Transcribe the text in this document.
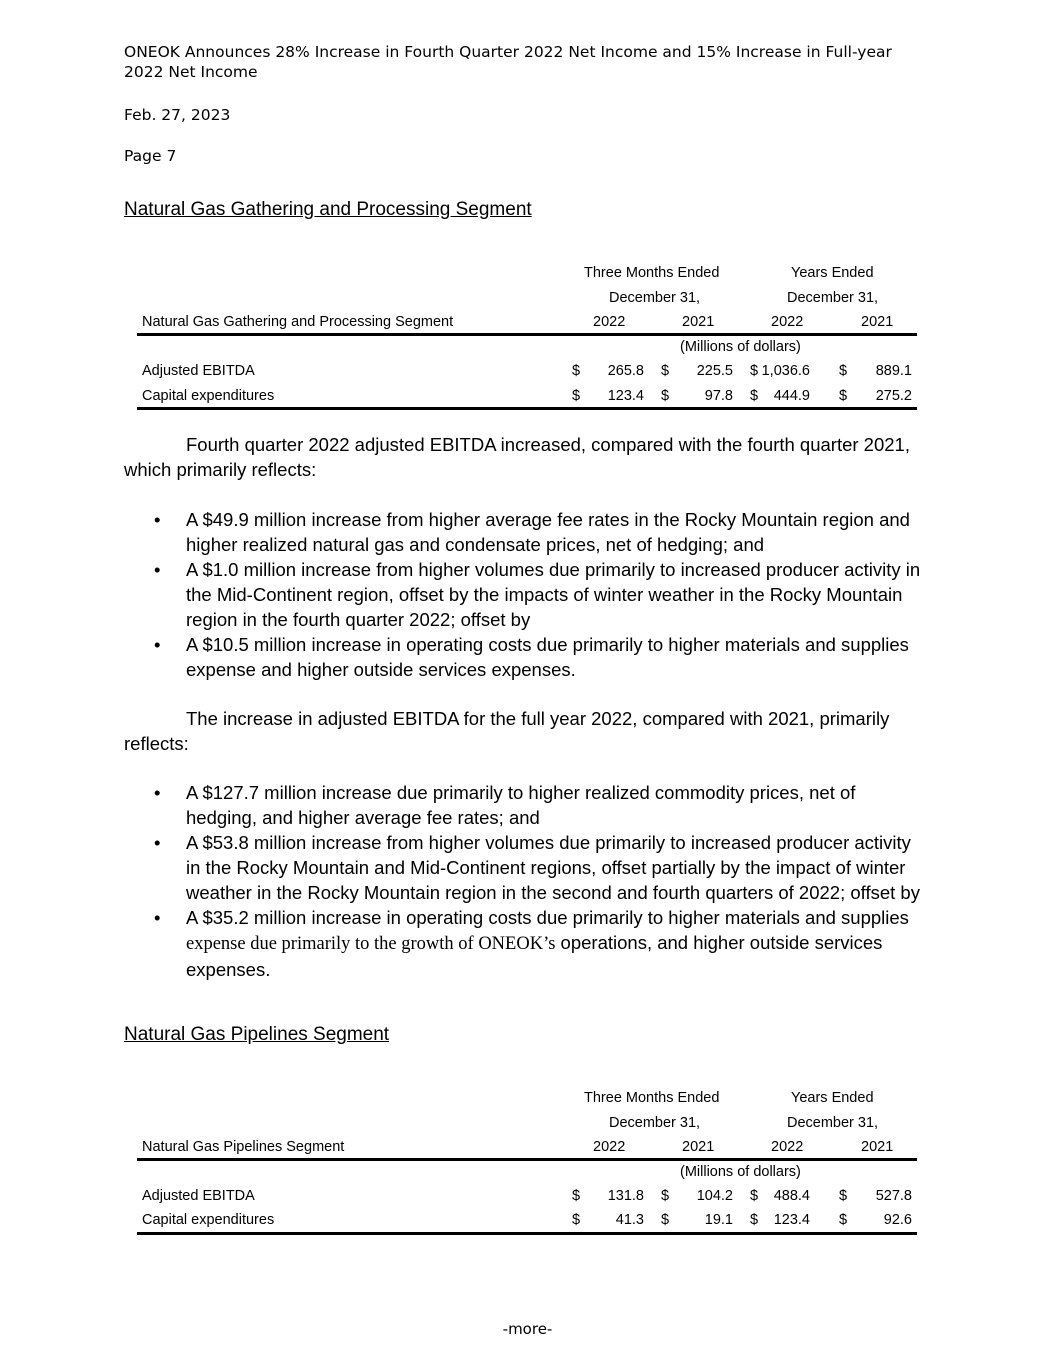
ONEOK Announces 28% Increase in Fourth Quarter 2022 Net Income and 15% Increase in Full-year 2022 Net Income
Feb. 27, 2023
Page 7
Natural Gas Gathering and Processing Segment
Three Months Ended	Years Ended
December 31,	December 31,
Natural Gas Gathering and Processing Segment	2022	2021	2022	2021
(Millions of dollars)
Adjusted EBITDA	$ 265.8 $ 225.5 $ 1,036.6 $ 889.1
Capital expenditures	$ 123.4 $ 97.8 $ 444.9 $ 275.2
Fourth quarter 2022 adjusted EBITDA increased, compared with the fourth quarter 2021, which primarily reflects:
• A $49.9 million increase from higher average fee rates in the Rocky Mountain region and higher realized natural gas and condensate prices, net of hedging; and
• A $1.0 million increase from higher volumes due primarily to increased producer activity in the Mid-Continent region, offset by the impacts of winter weather in the Rocky Mountain region in the fourth quarter 2022; offset by
• A $10.5 million increase in operating costs due primarily to higher materials and supplies expense and higher outside services expenses.
The increase in adjusted EBITDA for the full year 2022, compared with 2021, primarily reflects:
• A $127.7 million increase due primarily to higher realized commodity prices, net of hedging, and higher average fee rates; and
• A $53.8 million increase from higher volumes due primarily to increased producer activity in the Rocky Mountain and Mid-Continent regions, offset partially by the impact of winter weather in the Rocky Mountain region in the second and fourth quarters of 2022; offset by
• A $35.2 million increase in operating costs due primarily to higher materials and supplies expense due primarily to the growth of ONEOK’s operations, and higher outside services expenses.
Natural Gas Pipelines Segment
Three Months Ended	Years Ended
December 31,	December 31,
Natural Gas Pipelines Segment	2022	2021	2022	2021
(Millions of dollars)
Adjusted EBITDA	$ 131.8 $ 104.2 $ 488.4 $ 527.8
Capital expenditures	$ 41.3 $ 19.1 $ 123.4 $	92.6
-more-
